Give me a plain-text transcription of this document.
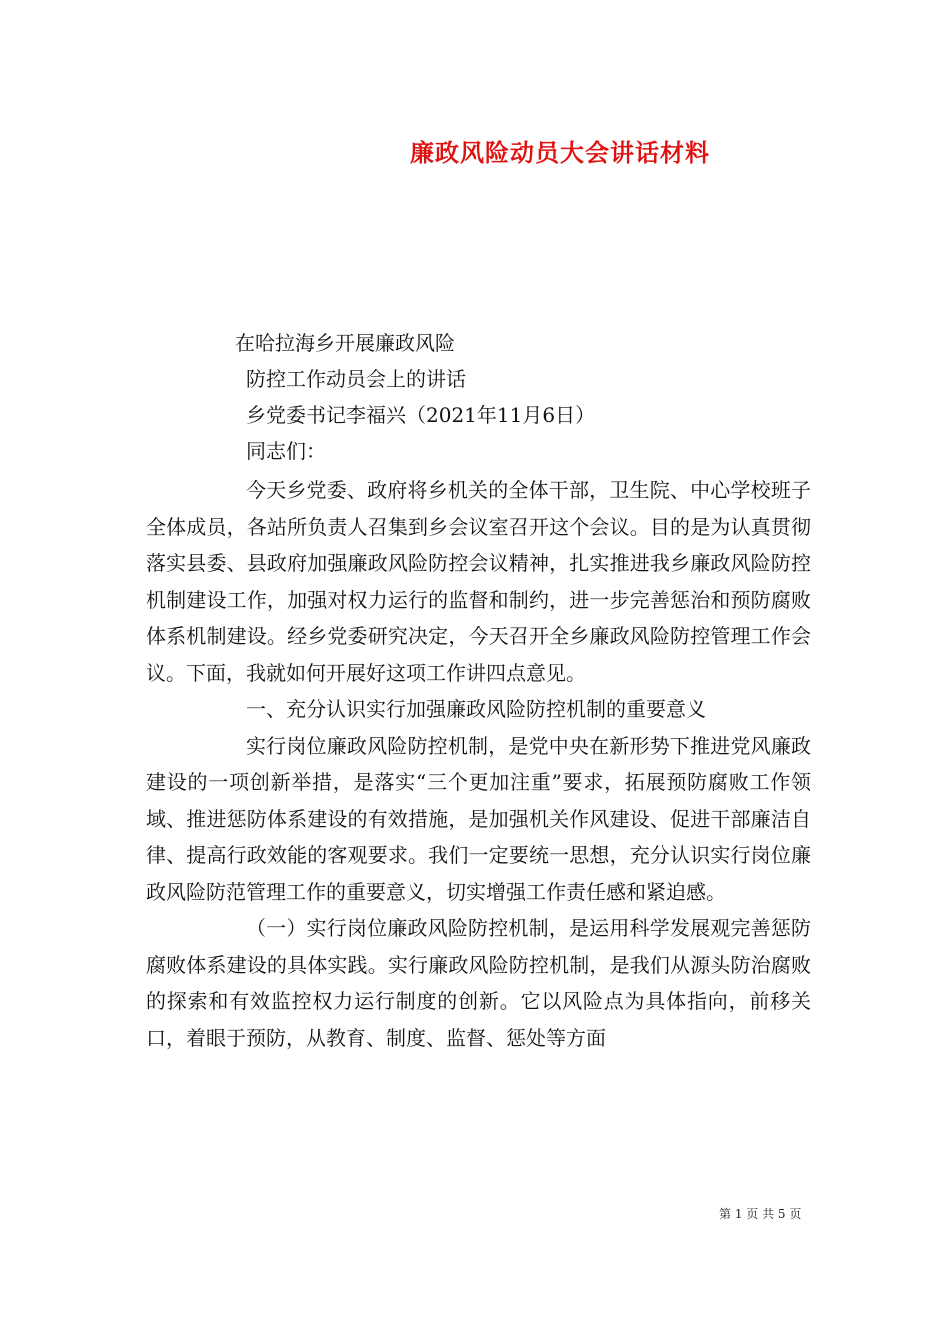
廉政风险动员大会讲话材料
在哈拉海乡开展廉政风险
防控工作动员会上的讲话
乡党委书记李福兴（2021年11月6日）
同志们：

今天乡党委、政府将乡机关的全体干部，卫生院、中心学校班子全体成员，各站所负责人召集到乡会议室召开这个会议。目的是为认真贯彻落实县委、县政府加强廉政风险防控会议精神，扎实推进我乡廉政风险防控机制建设工作，加强对权力运行的监督和制约，进一步完善惩治和预防腐败体系机制建设。经乡党委研究决定，今天召开全乡廉政风险防控管理工作会议。下面，我就如何开展好这项工作讲四点意见。

一、充分认识实行加强廉政风险防控机制的重要意义

实行岗位廉政风险防控机制，是党中央在新形势下推进党风廉政建设的一项创新举措，是落实“三个更加注重”要求，拓展预防腐败工作领域、推进惩防体系建设的有效措施，是加强机关作风建设、促进干部廉洁自律、提高行政效能的客观要求。我们一定要统一思想，充分认识实行岗位廉政风险防范管理工作的重要意义，切实增强工作责任感和紧迫感。

（一）实行岗位廉政风险防控机制，是运用科学发展观完善惩防腐败体系建设的具体实践。实行廉政风险防控机制，是我们从源头防治腐败的探索和有效监控权力运行制度的创新。它以风险点为具体指向，前移关口，着眼于预防，从教育、制度、监督、惩处等方面

第 1 页 共 5 页
